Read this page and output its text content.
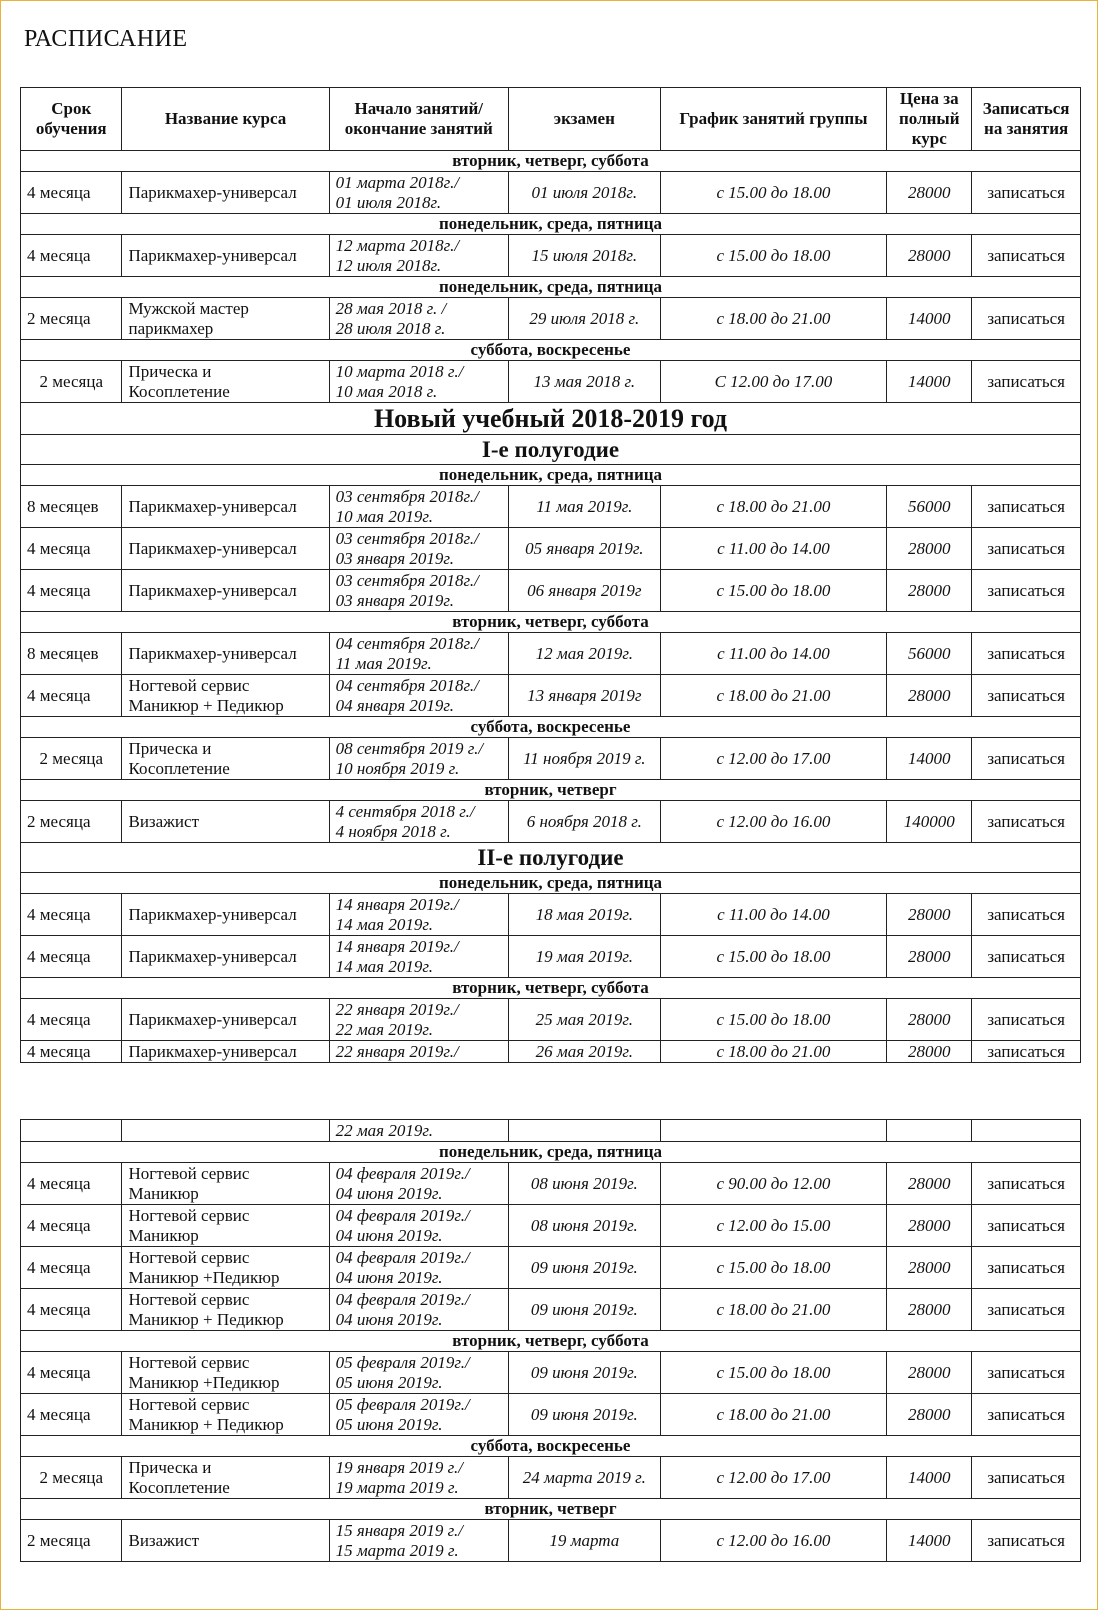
РАСПИСАНИЕ
Срок обучения	Название курса	Начало занятий/ окончание занятий	экзамен	График занятий группы	Цена за полный курс	Записаться на занятия
вторник, четверг, суббота						
4 месяца	Парикмахер-универсал	01 марта 2018г./
01 июля 2018г.	01 июля 2018г.	с 15.00 до 18.00	28000	записаться
понедельник, среда, пятница						
4 месяца	Парикмахер-универсал	12 марта 2018г./
12 июля 2018г.	15 июля 2018г.	с 15.00 до 18.00	28000	записаться
понедельник, среда, пятница						
2 месяца	Мужской мастер
парикмахер	28 мая 2018 г. /
28 июля 2018 г.	29 июля 2018 г.	с 18.00 до 21.00	14000	записаться
суббота, воскресенье						
2 месяца	Прическа и
Косоплетение	10 марта 2018 г./
10 мая 2018 г.	13 мая 2018 г.	С 12.00 до 17.00	14000	записаться
Новый учебный 2018-2019 год						
I-е полугодие						
понедельник, среда, пятница						
8 месяцев	Парикмахер-универсал	03 сентября 2018г./
10 мая 2019г.	11 мая 2019г.	с 18.00 до 21.00	56000	записаться
4 месяца	Парикмахер-универсал	03 сентября 2018г./
03 января 2019г.	05 января 2019г.	с 11.00 до 14.00	28000	записаться
4 месяца	Парикмахер-универсал	03 сентября 2018г./
03 января 2019г.	06 января 2019г	с 15.00 до 18.00	28000	записаться
вторник, четверг, суббота						
8 месяцев	Парикмахер-универсал	04 сентября 2018г./
11 мая 2019г.	12 мая 2019г.	с 11.00 до 14.00	56000	записаться
4 месяца	Ногтевой сервис
Маникюр + Педикюр	04 сентября 2018г./
04 января 2019г.	13 января 2019г	с 18.00 до 21.00	28000	записаться
суббота, воскресенье						
2 месяца	Прическа и
Косоплетение	08 сентября 2019 г./
10 ноября 2019 г.	11 ноября 2019 г.	с 12.00 до 17.00	14000	записаться
вторник, четверг						
2 месяца	Визажист	4 сентября 2018 г./
4 ноября 2018 г.	6 ноября 2018 г.	с 12.00 до 16.00	140000	записаться
II-е полугодие						
понедельник, среда, пятница						
4 месяца	Парикмахер-универсал	14 января 2019г./
14 мая 2019г.	18 мая 2019г.	с 11.00 до 14.00	28000	записаться
4 месяца	Парикмахер-универсал	14 января 2019г./
14 мая 2019г.	19 мая 2019г.	с 15.00 до 18.00	28000	записаться
вторник, четверг, суббота						
4 месяца	Парикмахер-универсал	22 января 2019г./
22 мая 2019г.	25 мая 2019г.	с 15.00 до 18.00	28000	записаться
4 месяца	Парикмахер-универсал	22 января 2019г./	26 мая 2019г.	с 18.00 до 21.00	28000	записаться
		22 мая 2019г.				
понедельник, среда, пятница						
4 месяца	Ногтевой сервис
Маникюр	04 февраля 2019г./
04 июня 2019г.	08 июня 2019г.	с 90.00 до 12.00	28000	записаться
4 месяца	Ногтевой сервис
Маникюр	04 февраля 2019г./
04 июня 2019г.	08 июня 2019г.	с 12.00 до 15.00	28000	записаться
4 месяца	Ногтевой сервис
Маникюр +Педикюр	04 февраля 2019г./
04 июня 2019г.	09 июня 2019г.	с 15.00 до 18.00	28000	записаться
4 месяца	Ногтевой сервис
Маникюр + Педикюр	04 февраля 2019г./
04 июня 2019г.	09 июня 2019г.	с 18.00 до 21.00	28000	записаться
вторник, четверг, суббота						
4 месяца	Ногтевой сервис
Маникюр +Педикюр	05 февраля 2019г./
05 июня 2019г.	09 июня 2019г.	с 15.00 до 18.00	28000	записаться
4 месяца	Ногтевой сервис
Маникюр + Педикюр	05 февраля 2019г./
05 июня 2019г.	09 июня 2019г.	с 18.00 до 21.00	28000	записаться
суббота, воскресенье						
2 месяца	Прическа и
Косоплетение	19 января 2019 г./
19 марта 2019 г.	24 марта 2019 г.	с 12.00 до 17.00	14000	записаться
вторник, четверг						
2 месяца	Визажист	15 января 2019 г./
15 марта 2019 г.	19 марта	с 12.00 до 16.00	14000	записаться
